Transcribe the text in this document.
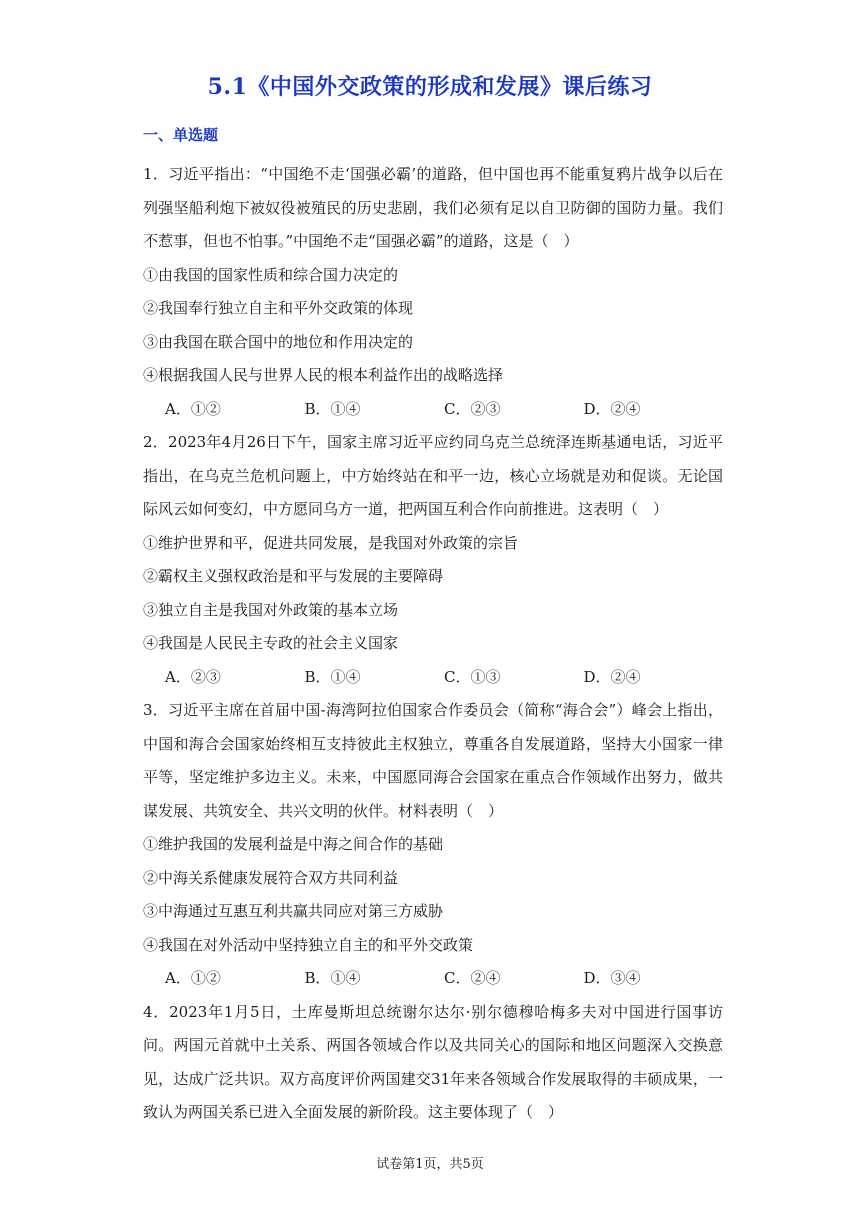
5.1《中国外交政策的形成和发展》课后练习
一、单选题

1．习近平指出：“中国绝不走‘国强必霸’的道路，但中国也再不能重复鸦片战争以后在列强坚船利炮下被奴役被殖民的历史悲剧，我们必须有足以自卫防御的国防力量。我们不惹事，但也不怕事。”中国绝不走“国强必霸”的道路，这是（　）

①由我国的国家性质和综合国力决定的

②我国奉行独立自主和平外交政策的体现

③由我国在联合国中的地位和作用决定的

④根据我国人民与世界人民的根本利益作出的战略选择

A．①②	B．①④	C．②③	D．②④

2．2023年4月26日下午，国家主席习近平应约同乌克兰总统泽连斯基通电话，习近平指出，在乌克兰危机问题上，中方始终站在和平一边，核心立场就是劝和促谈。无论国际风云如何变幻，中方愿同乌方一道，把两国互利合作向前推进。这表明（　）

①维护世界和平，促进共同发展，是我国对外政策的宗旨

②霸权主义强权政治是和平与发展的主要障碍

③独立自主是我国对外政策的基本立场

④我国是人民民主专政的社会主义国家

A．②③	B．①④	C．①③	D．②④

3．习近平主席在首届中国-海湾阿拉伯国家合作委员会（简称“海合会”）峰会上指出，中国和海合会国家始终相互支持彼此主权独立，尊重各自发展道路，坚持大小国家一律平等，坚定维护多边主义。未来，中国愿同海合会国家在重点合作领域作出努力，做共谋发展、共筑安全、共兴文明的伙伴。材料表明（　）

①维护我国的发展利益是中海之间合作的基础

②中海关系健康发展符合双方共同利益

③中海通过互惠互利共赢共同应对第三方威胁

④我国在对外活动中坚持独立自主的和平外交政策

A．①②	B．①④	C．②④	D．③④

4．2023年1月5日，土库曼斯坦总统谢尔达尔·别尔德穆哈梅多夫对中国进行国事访问。两国元首就中土关系、两国各领域合作以及共同关心的国际和地区问题深入交换意见，达成广泛共识。双方高度评价两国建交31年来各领域合作发展取得的丰硕成果，一致认为两国关系已进入全面发展的新阶段。这主要体现了（　）

试卷第1页，共5页
